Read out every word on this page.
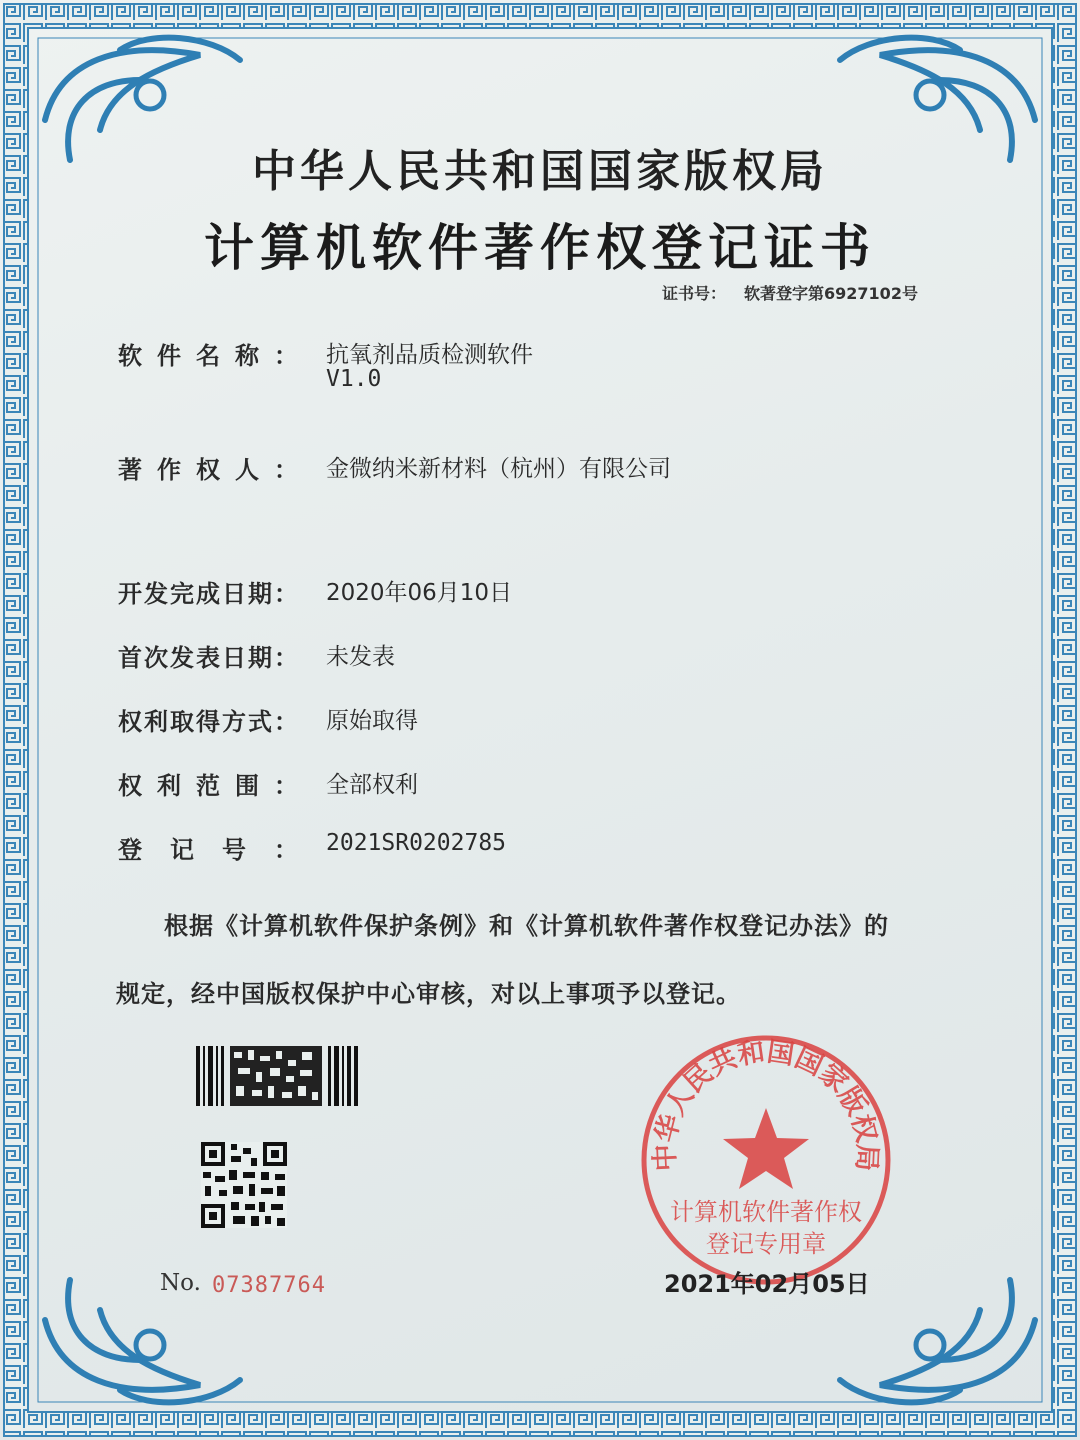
中华人民共和国国家版权局
计算机软件著作权登记证书
证书号： 软著登字第6927102号
软件名称： 抗氧剂品质检测软件
V1.0
著作权人： 金微纳米新材料（杭州）有限公司
开发完成日期： 2020年06月10日
首次发表日期： 未发表
权利取得方式： 原始取得
权利范围： 全部权利
登记号： 2021SR0202785
根据《计算机软件保护条例》和《计算机软件著作权登记办法》的
规定，经中国版权保护中心审核，对以上事项予以登记。
No. 07387764
中华人民共和国国家版权局
计算机软件著作权
登记专用章
2021年02月05日
